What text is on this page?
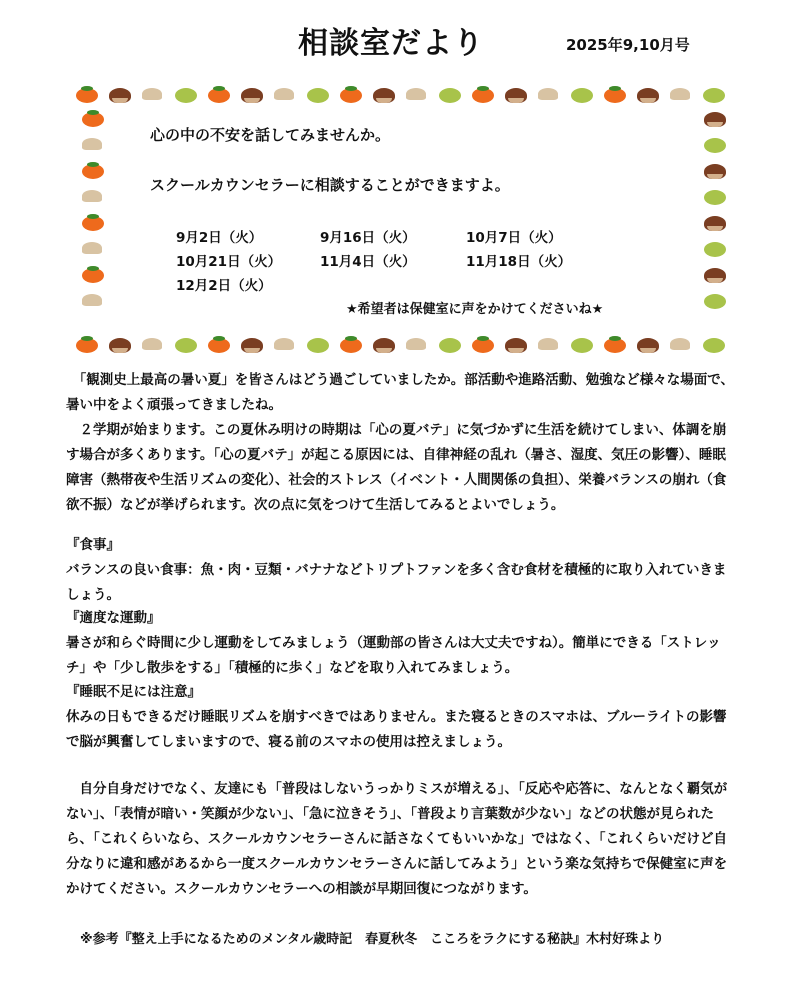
相談室だより	2025年9,10月号
心の中の不安を話してみませんか。
スクールカウンセラーに相談することができますよ。
9月2日（火）	9月16日（火）	10月7日（火）
10月21日（火）	11月4日（火）	11月18日（火）
12月2日（火）
★希望者は保健室に声をかけてくださいね★
　「観測史上最高の暑い夏」を皆さんはどう過ごしていましたか。部活動や進路活動、勉強など様々な場面で、暑い中をよく頑張ってきましたね。
　２学期が始まります。この夏休み明けの時期は「心の夏バテ」に気づかずに生活を続けてしまい、体調を崩す場合が多くあります。「心の夏バテ」が起こる原因には、自律神経の乱れ（暑さ、湿度、気圧の影響）、睡眠障害（熱帯夜や生活リズムの変化）、社会的ストレス（イベント・人間関係の負担）、栄養バランスの崩れ（食欲不振）などが挙げられます。次の点に気をつけて生活してみるとよいでしょう。
『食事』
バランスの良い食事：魚・肉・豆類・バナナなどトリプトファンを多く含む食材を積極的に取り入れていきましょう。
『適度な運動』
暑さが和らぐ時間に少し運動をしてみましょう（運動部の皆さんは大丈夫ですね）。簡単にできる「ストレッチ」や「少し散歩をする」「積極的に歩く」などを取り入れてみましょう。
『睡眠不足には注意』
休みの日もできるだけ睡眠リズムを崩すべきではありません。また寝るときのスマホは、ブルーライトの影響で脳が興奮してしまいますので、寝る前のスマホの使用は控えましょう。
　自分自身だけでなく、友達にも「普段はしないうっかりミスが増える」、「反応や応答に、なんとなく覇気がない」、「表情が暗い・笑顔が少ない」、「急に泣きそう」、「普段より言葉数が少ない」などの状態が見られたら、「これくらいなら、スクールカウンセラーさんに話さなくてもいいかな」ではなく、「これくらいだけど自分なりに違和感があるから一度スクールカウンセラーさんに話してみよう」という楽な気持ちで保健室に声をかけてください。スクールカウンセラーへの相談が早期回復につながります。
※参考『整え上手になるためのメンタル歳時記　春夏秋冬　こころをラクにする秘訣』木村好珠より
